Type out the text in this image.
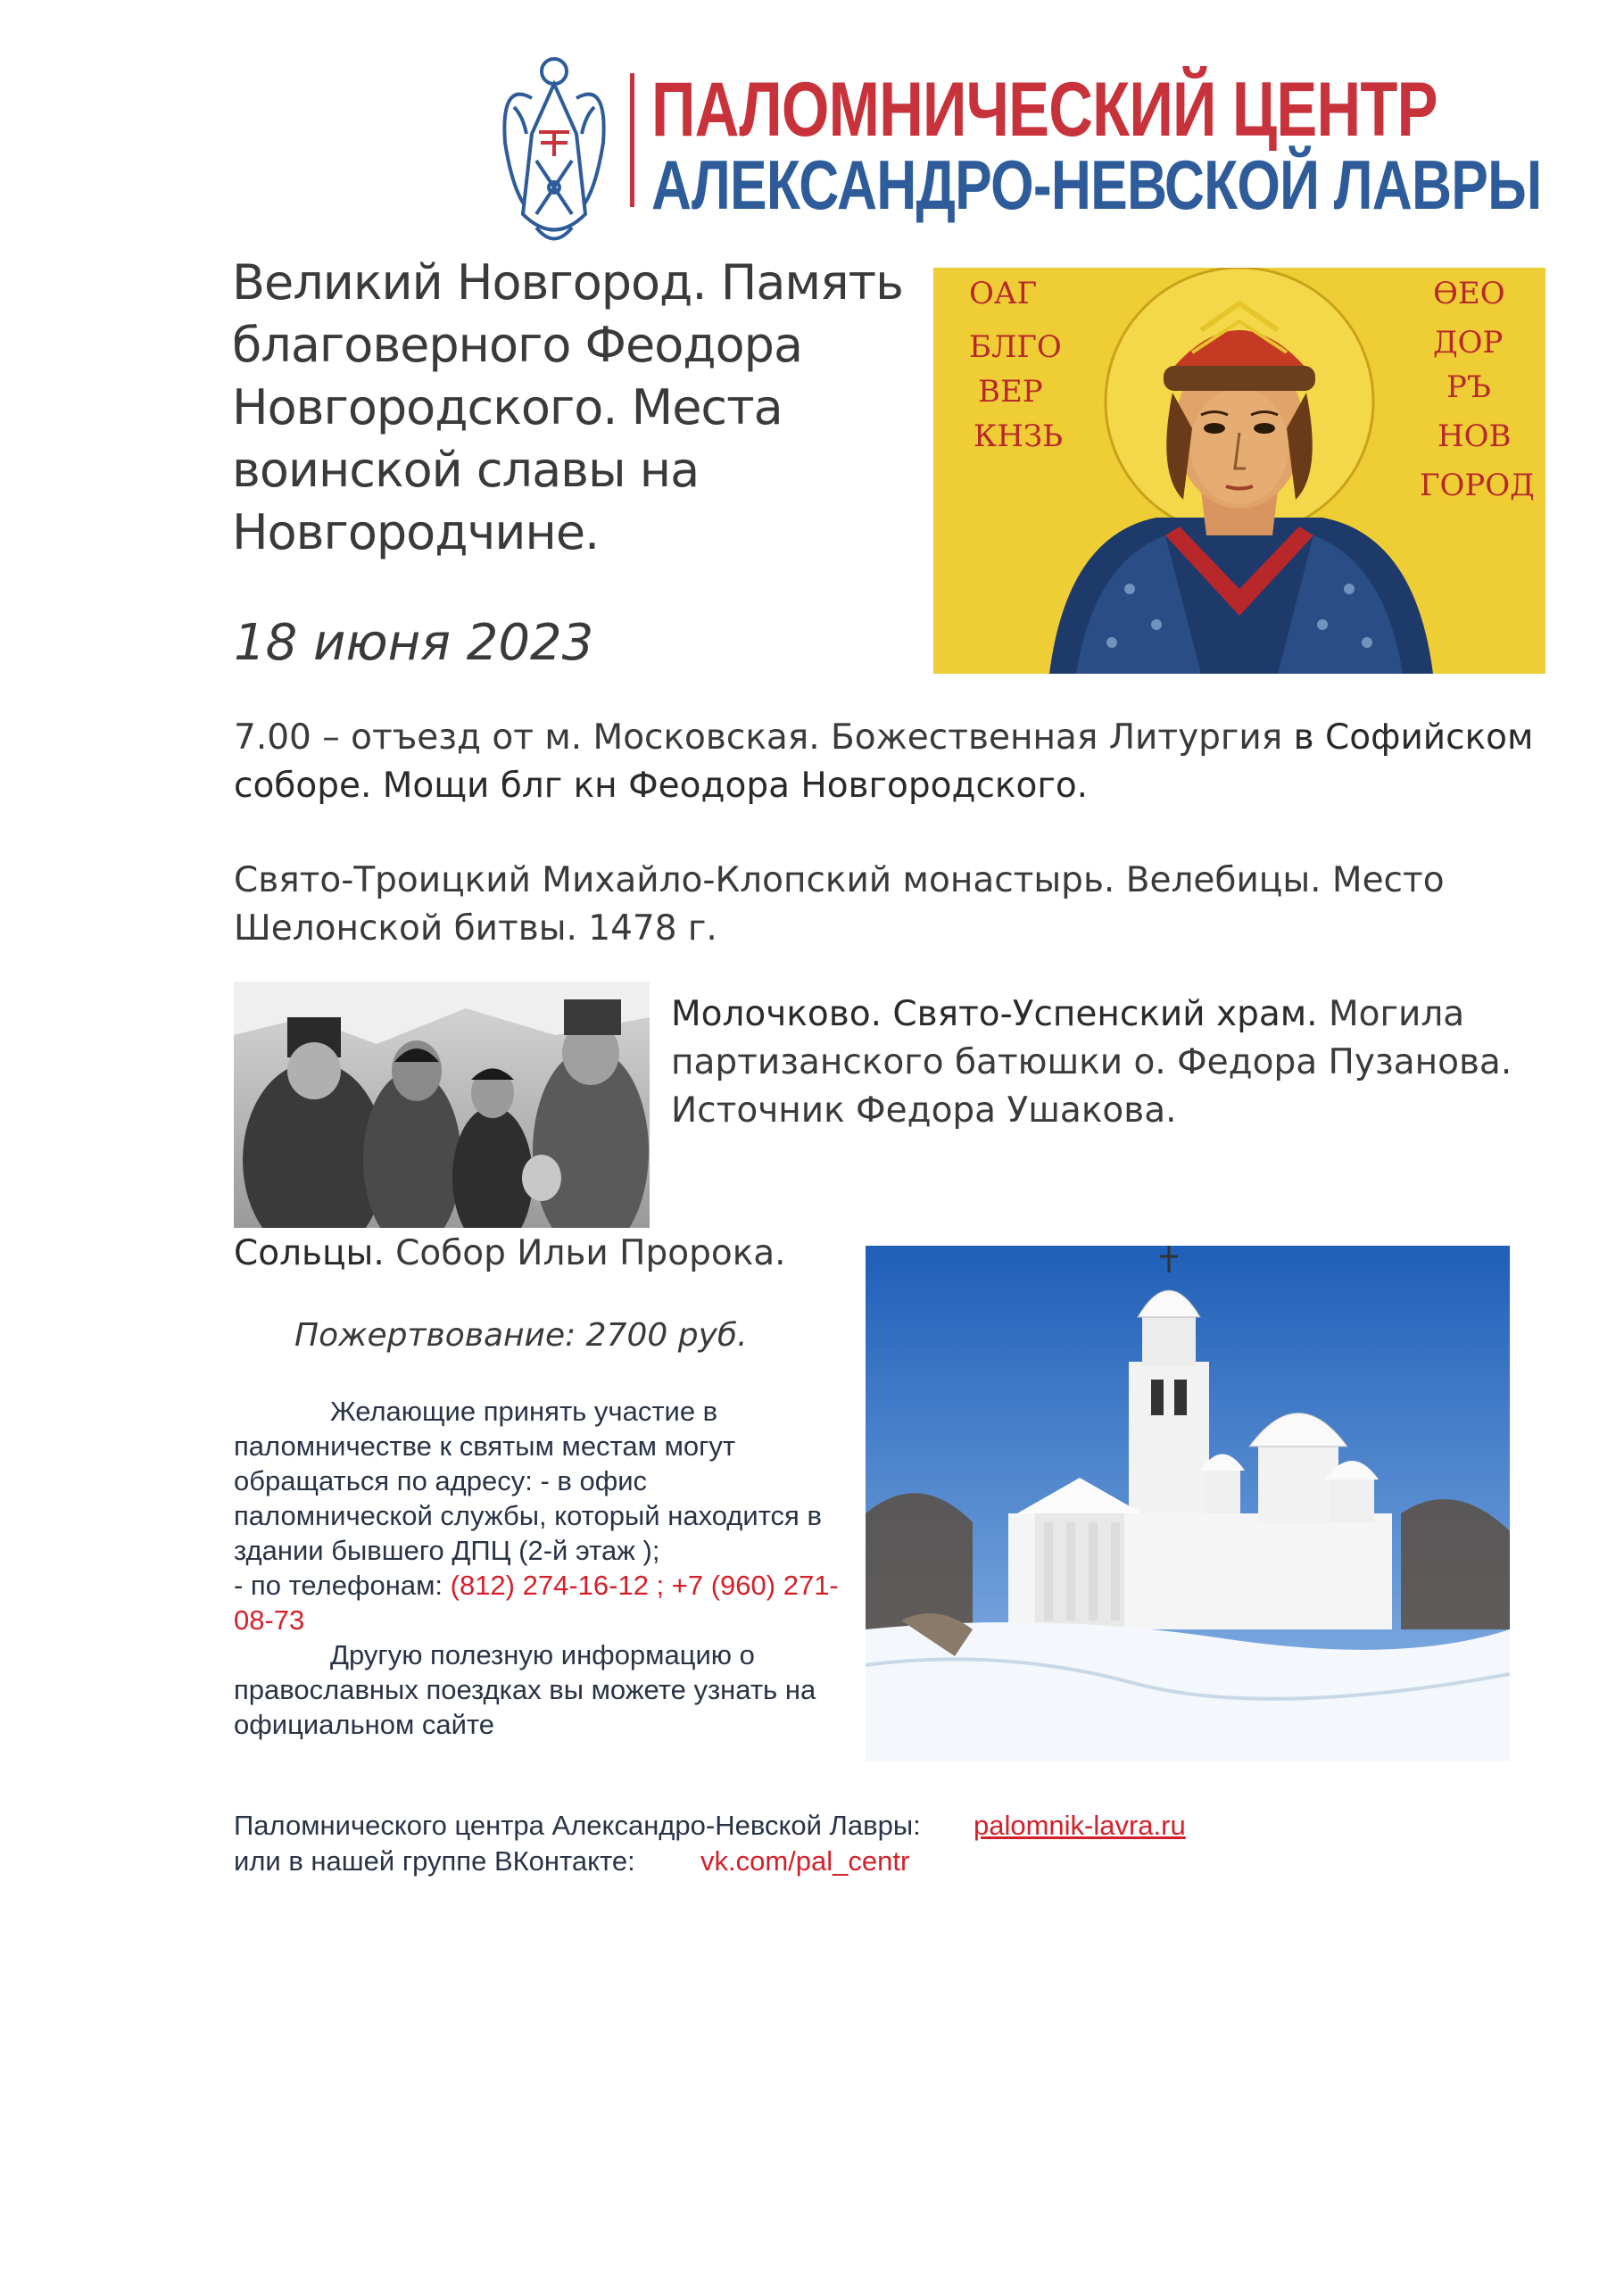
ПАЛОМНИЧЕСКИЙ ЦЕНТР
АЛЕКСАНДРО-НЕВСКОЙ ЛАВРЫ
Великий Новгород. Память благоверного Феодора Новгородского. Места воинской славы на Новгородчине.
18 июня 2023
ОАГ
БЛГО
ВЕР
КНЗЬ
ѲЕО
ДОР
РЪ
НОВ
ГОРОД
7.00 – отъезд от м. Московская. Божественная Литургия в Софийском соборе. Мощи блг кн Феодора Новгородского.
Свято-Троицкий Михайло-Клопский монастырь. Велебицы. Место Шелонской битвы. 1478 г.
Молочково. Свято-Успенский храм. Могила партизанского батюшки о. Федора Пузанова. Источник Федора Ушакова.
Сольцы. Собор Ильи Пророка.
Пожертвование: 2700 руб.
Желающие принять участие в паломничестве к святым местам могут обращаться по адресу: - в офис паломнической службы, который находится в здании бывшего ДПЦ (2-й этаж );
- по телефонам: (812) 274-16-12 ; +7 (960) 271-08-73
Другую полезную информацию о православных поездках вы можете узнать на официальном сайте
Паломнического центра Александро-Невской Лавры: palomnik-lavra.ru
или в нашей группе ВКонтакте: vk.com/pal_centr
